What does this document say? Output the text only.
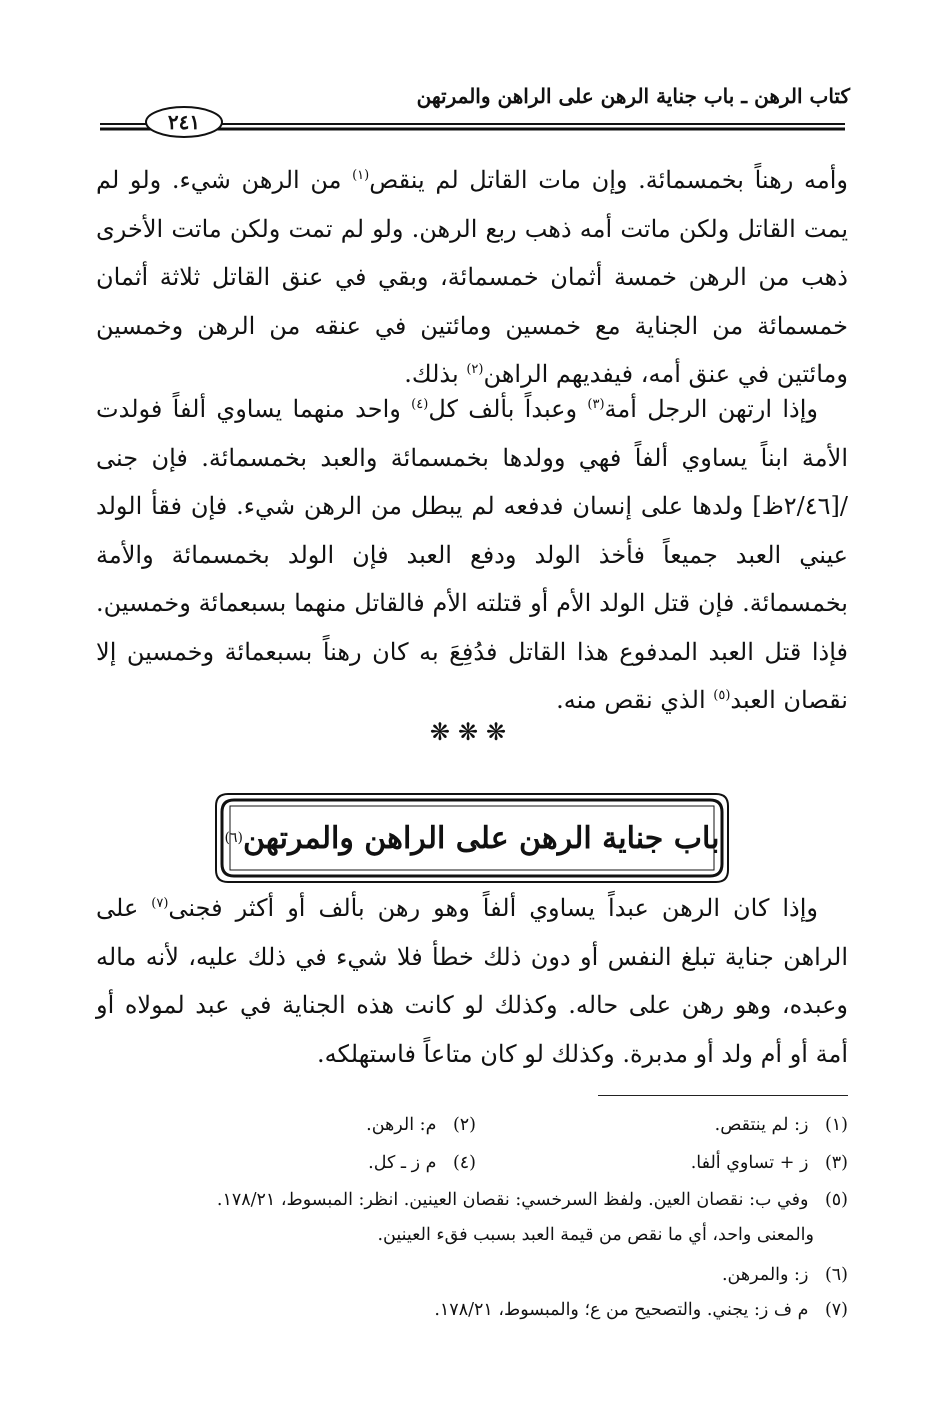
كتاب الرهن ـ باب جناية الرهن على الراهن والمرتهن
٢٤١

وأمه رهناً بخمسمائة. وإن مات القاتل لم ينقص$^{(١)}$ من الرهن شيء. ولو لم يمت القاتل ولكن ماتت أمه ذهب ربع الرهن. ولو لم تمت ولكن ماتت الأخرى ذهب من الرهن خمسة أثمان خمسمائة، وبقي في عنق القاتل ثلاثة أثمان خمسمائة من الجناية مع خمسين ومائتين في عنقه من الرهن وخمسين ومائتين في عنق أمه، فيفديهم الراهن$^{(٢)}$ بذلك.

وإذا ارتهن الرجل أمة$^{(٣)}$ وعبداً بألف كل$^{(٤)}$ واحد منهما يساوي ألفاً فولدت الأمة ابناً يساوي ألفاً فهي وولدها بخمسمائة والعبد بخمسمائة. فإن جنى /[٢/٤٦ظ] ولدها على إنسان فدفعه لم يبطل من الرهن شيء. فإن فقأ الولد عيني العبد جميعاً فأخذ الولد ودفع العبد فإن الولد بخمسمائة والأمة بخمسمائة. فإن قتل الولد الأم أو قتلته الأم فالقاتل منهما بسبعمائة وخمسين. فإذا قتل العبد المدفوع هذا القاتل فدُفِعَ به كان رهناً بسبعمائة وخمسين إلا نقصان العبد$^{(٥)}$ الذي نقص منه.

❋❋❋
باب جناية الرهن على الراهن والمرتهن
(٦)

وإذا كان الرهن عبداً يساوي ألفاً وهو رهن بألف أو أكثر فجنى$^{(٧)}$ على الراهن جناية تبلغ النفس أو دون ذلك خطأ فلا شيء في ذلك عليه، لأنه ماله وعبده، وهو رهن على حاله. وكذلك لو كانت هذه الجناية في عبد لمولاه أو أمة أو أم ولد أو مدبرة. وكذلك لو كان متاعاً فاستهلكه.

(١) ز: لم ينتقص.
(٢) م: الرهن.
(٣) ز + تساوي ألفا.
(٤) م ز ـ كل.
(٥) وفي ب: نقصان العين. ولفظ السرخسي: نقصان العينين. انظر: المبسوط، ١٧٨/٢١.
والمعنى واحد، أي ما نقص من قيمة العبد بسبب فقء العينين.
(٦) ز: والمرهن.
(٧) م ف ز: يجني. والتصحيح من ع؛ والمبسوط، ١٧٨/٢١.
